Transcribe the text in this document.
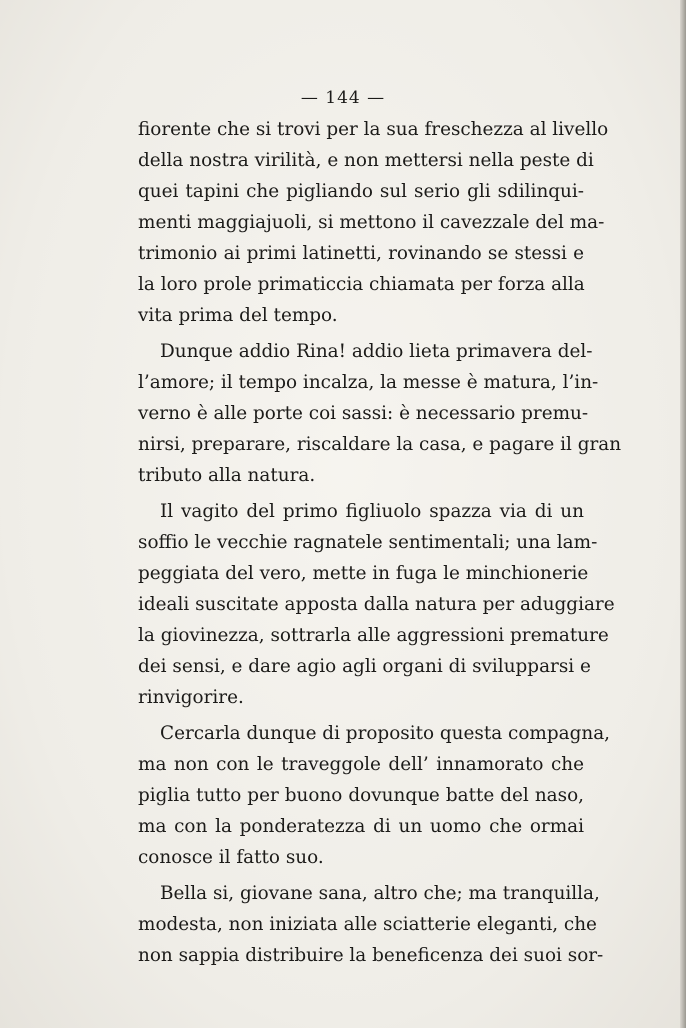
— 144 —
fiorente che si trovi per la sua freschezza al livello
della nostra virilità, e non mettersi nella peste di
quei tapini che pigliando sul serio gli sdilinqui-
menti maggiajuoli, si mettono il cavezzale del ma-
trimonio ai primi latinetti, rovinando se stessi e
la loro prole primaticcia chiamata per forza alla
vita prima del tempo.
Dunque addio Rina! addio lieta primavera del-
l’amore; il tempo incalza, la messe è matura, l’in-
verno è alle porte coi sassi: è necessario premu-
nirsi, preparare, riscaldare la casa, e pagare il gran
tributo alla natura.
Il vagito del primo figliuolo spazza via di un
soffio le vecchie ragnatele sentimentali; una lam-
peggiata del vero, mette in fuga le minchionerie
ideali suscitate apposta dalla natura per aduggiare
la giovinezza, sottrarla alle aggressioni premature
dei sensi, e dare agio agli organi di svilupparsi e
rinvigorire.
Cercarla dunque di proposito questa compagna,
ma non con le traveggole dell’ innamorato che
piglia tutto per buono dovunque batte del naso,
ma con la ponderatezza di un uomo che ormai
conosce il fatto suo.
Bella si, giovane sana, altro che; ma tranquilla,
modesta, non iniziata alle sciatterie eleganti, che
non sappia distribuire la beneficenza dei suoi sor-
